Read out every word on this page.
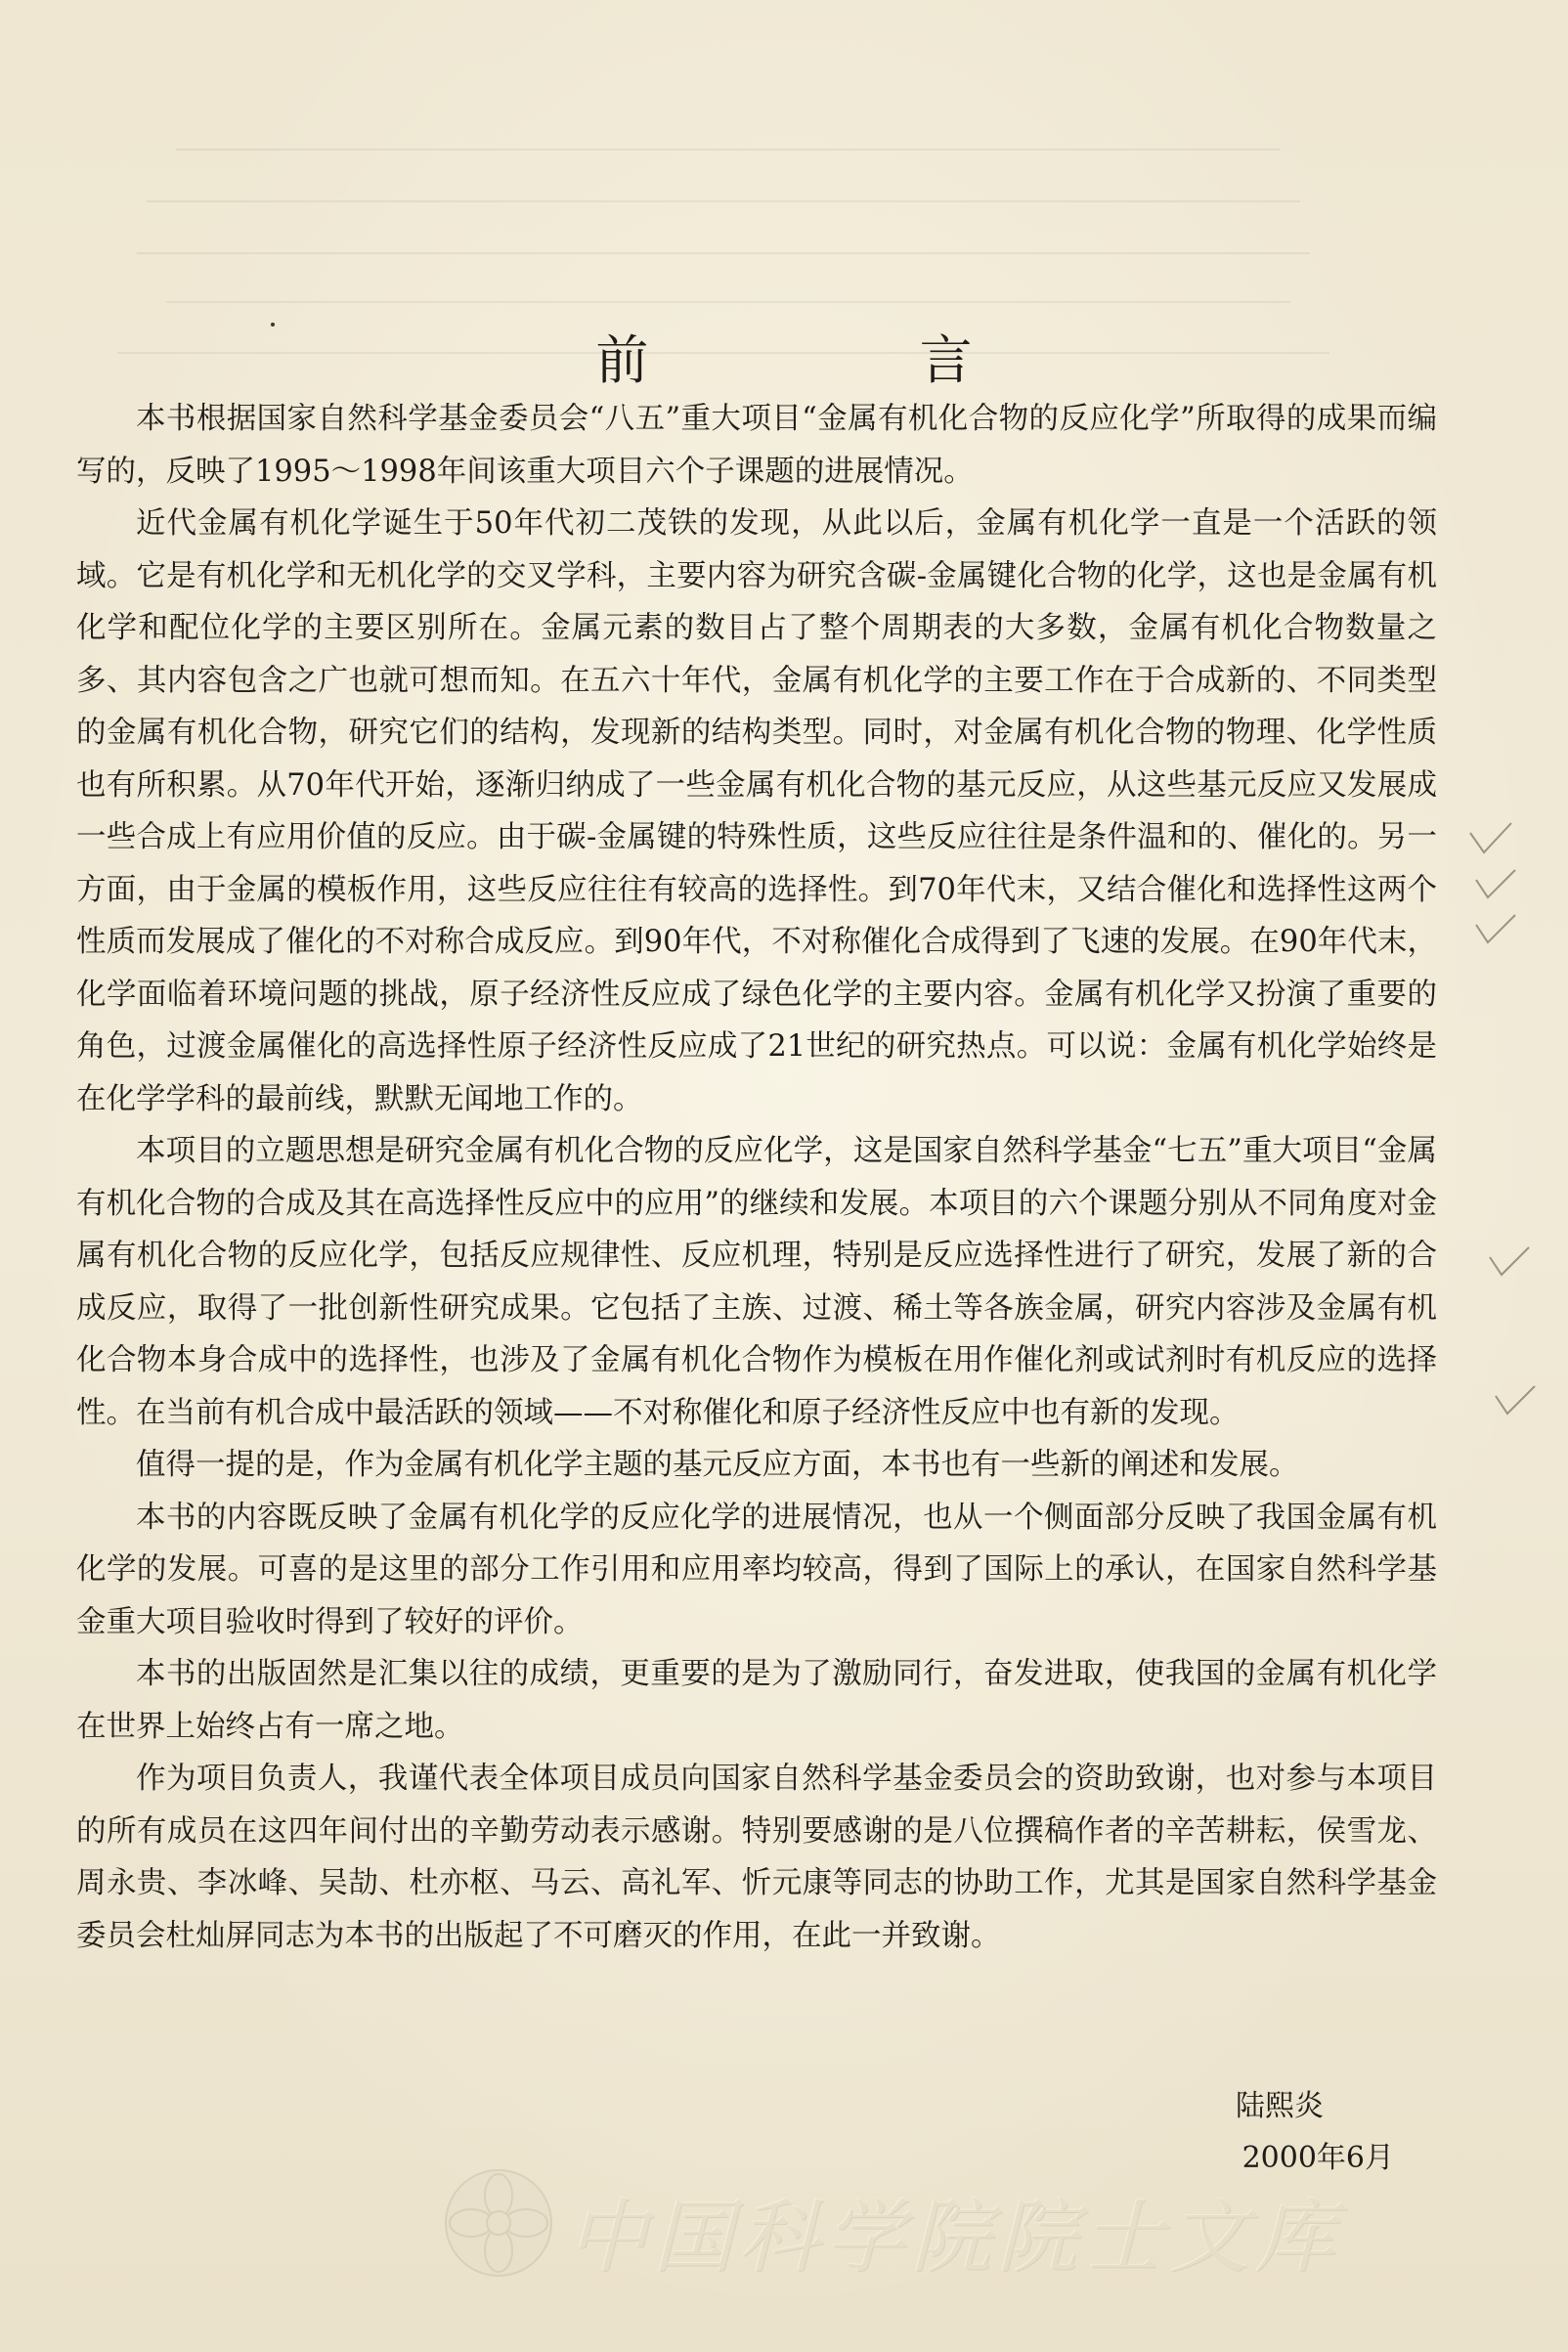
前 言

本书根据国家自然科学基金委员会“八五”重大项目“金属有机化合物的反应化学”所取得的成果而编写的，反映了1995～1998年间该重大项目六个子课题的进展情况。

近代金属有机化学诞生于50年代初二茂铁的发现，从此以后，金属有机化学一直是一个活跃的领域。它是有机化学和无机化学的交叉学科，主要内容为研究含碳-金属键化合物的化学，这也是金属有机化学和配位化学的主要区别所在。金属元素的数目占了整个周期表的大多数，金属有机化合物数量之多、其内容包含之广也就可想而知。在五六十年代，金属有机化学的主要工作在于合成新的、不同类型的金属有机化合物，研究它们的结构，发现新的结构类型。同时，对金属有机化合物的物理、化学性质也有所积累。从70年代开始，逐渐归纳成了一些金属有机化合物的基元反应，从这些基元反应又发展成一些合成上有应用价值的反应。由于碳-金属键的特殊性质，这些反应往往是条件温和的、催化的。另一方面，由于金属的模板作用，这些反应往往有较高的选择性。到70年代末，又结合催化和选择性这两个性质而发展成了催化的不对称合成反应。到90年代，不对称催化合成得到了飞速的发展。在90年代末，化学面临着环境问题的挑战，原子经济性反应成了绿色化学的主要内容。金属有机化学又扮演了重要的角色，过渡金属催化的高选择性原子经济性反应成了21世纪的研究热点。可以说：金属有机化学始终是在化学学科的最前线，默默无闻地工作的。

本项目的立题思想是研究金属有机化合物的反应化学，这是国家自然科学基金“七五”重大项目“金属有机化合物的合成及其在高选择性反应中的应用”的继续和发展。本项目的六个课题分别从不同角度对金属有机化合物的反应化学，包括反应规律性、反应机理，特别是反应选择性进行了研究，发展了新的合成反应，取得了一批创新性研究成果。它包括了主族、过渡、稀土等各族金属，研究内容涉及金属有机化合物本身合成中的选择性，也涉及了金属有机化合物作为模板在用作催化剂或试剂时有机反应的选择性。在当前有机合成中最活跃的领域——不对称催化和原子经济性反应中也有新的发现。

值得一提的是，作为金属有机化学主题的基元反应方面，本书也有一些新的阐述和发展。

本书的内容既反映了金属有机化学的反应化学的进展情况，也从一个侧面部分反映了我国金属有机化学的发展。可喜的是这里的部分工作引用和应用率均较高，得到了国际上的承认，在国家自然科学基金重大项目验收时得到了较好的评价。

本书的出版固然是汇集以往的成绩，更重要的是为了激励同行，奋发进取，使我国的金属有机化学在世界上始终占有一席之地。

作为项目负责人，我谨代表全体项目成员向国家自然科学基金委员会的资助致谢，也对参与本项目的所有成员在这四年间付出的辛勤劳动表示感谢。特别要感谢的是八位撰稿作者的辛苦耕耘，侯雪龙、周永贵、李冰峰、吴劼、杜亦枢、马云、高礼军、忻元康等同志的协助工作，尤其是国家自然科学基金委员会杜灿屏同志为本书的出版起了不可磨灭的作用，在此一并致谢。

陆熙炎
2000年6月
中国科学院院士文库
